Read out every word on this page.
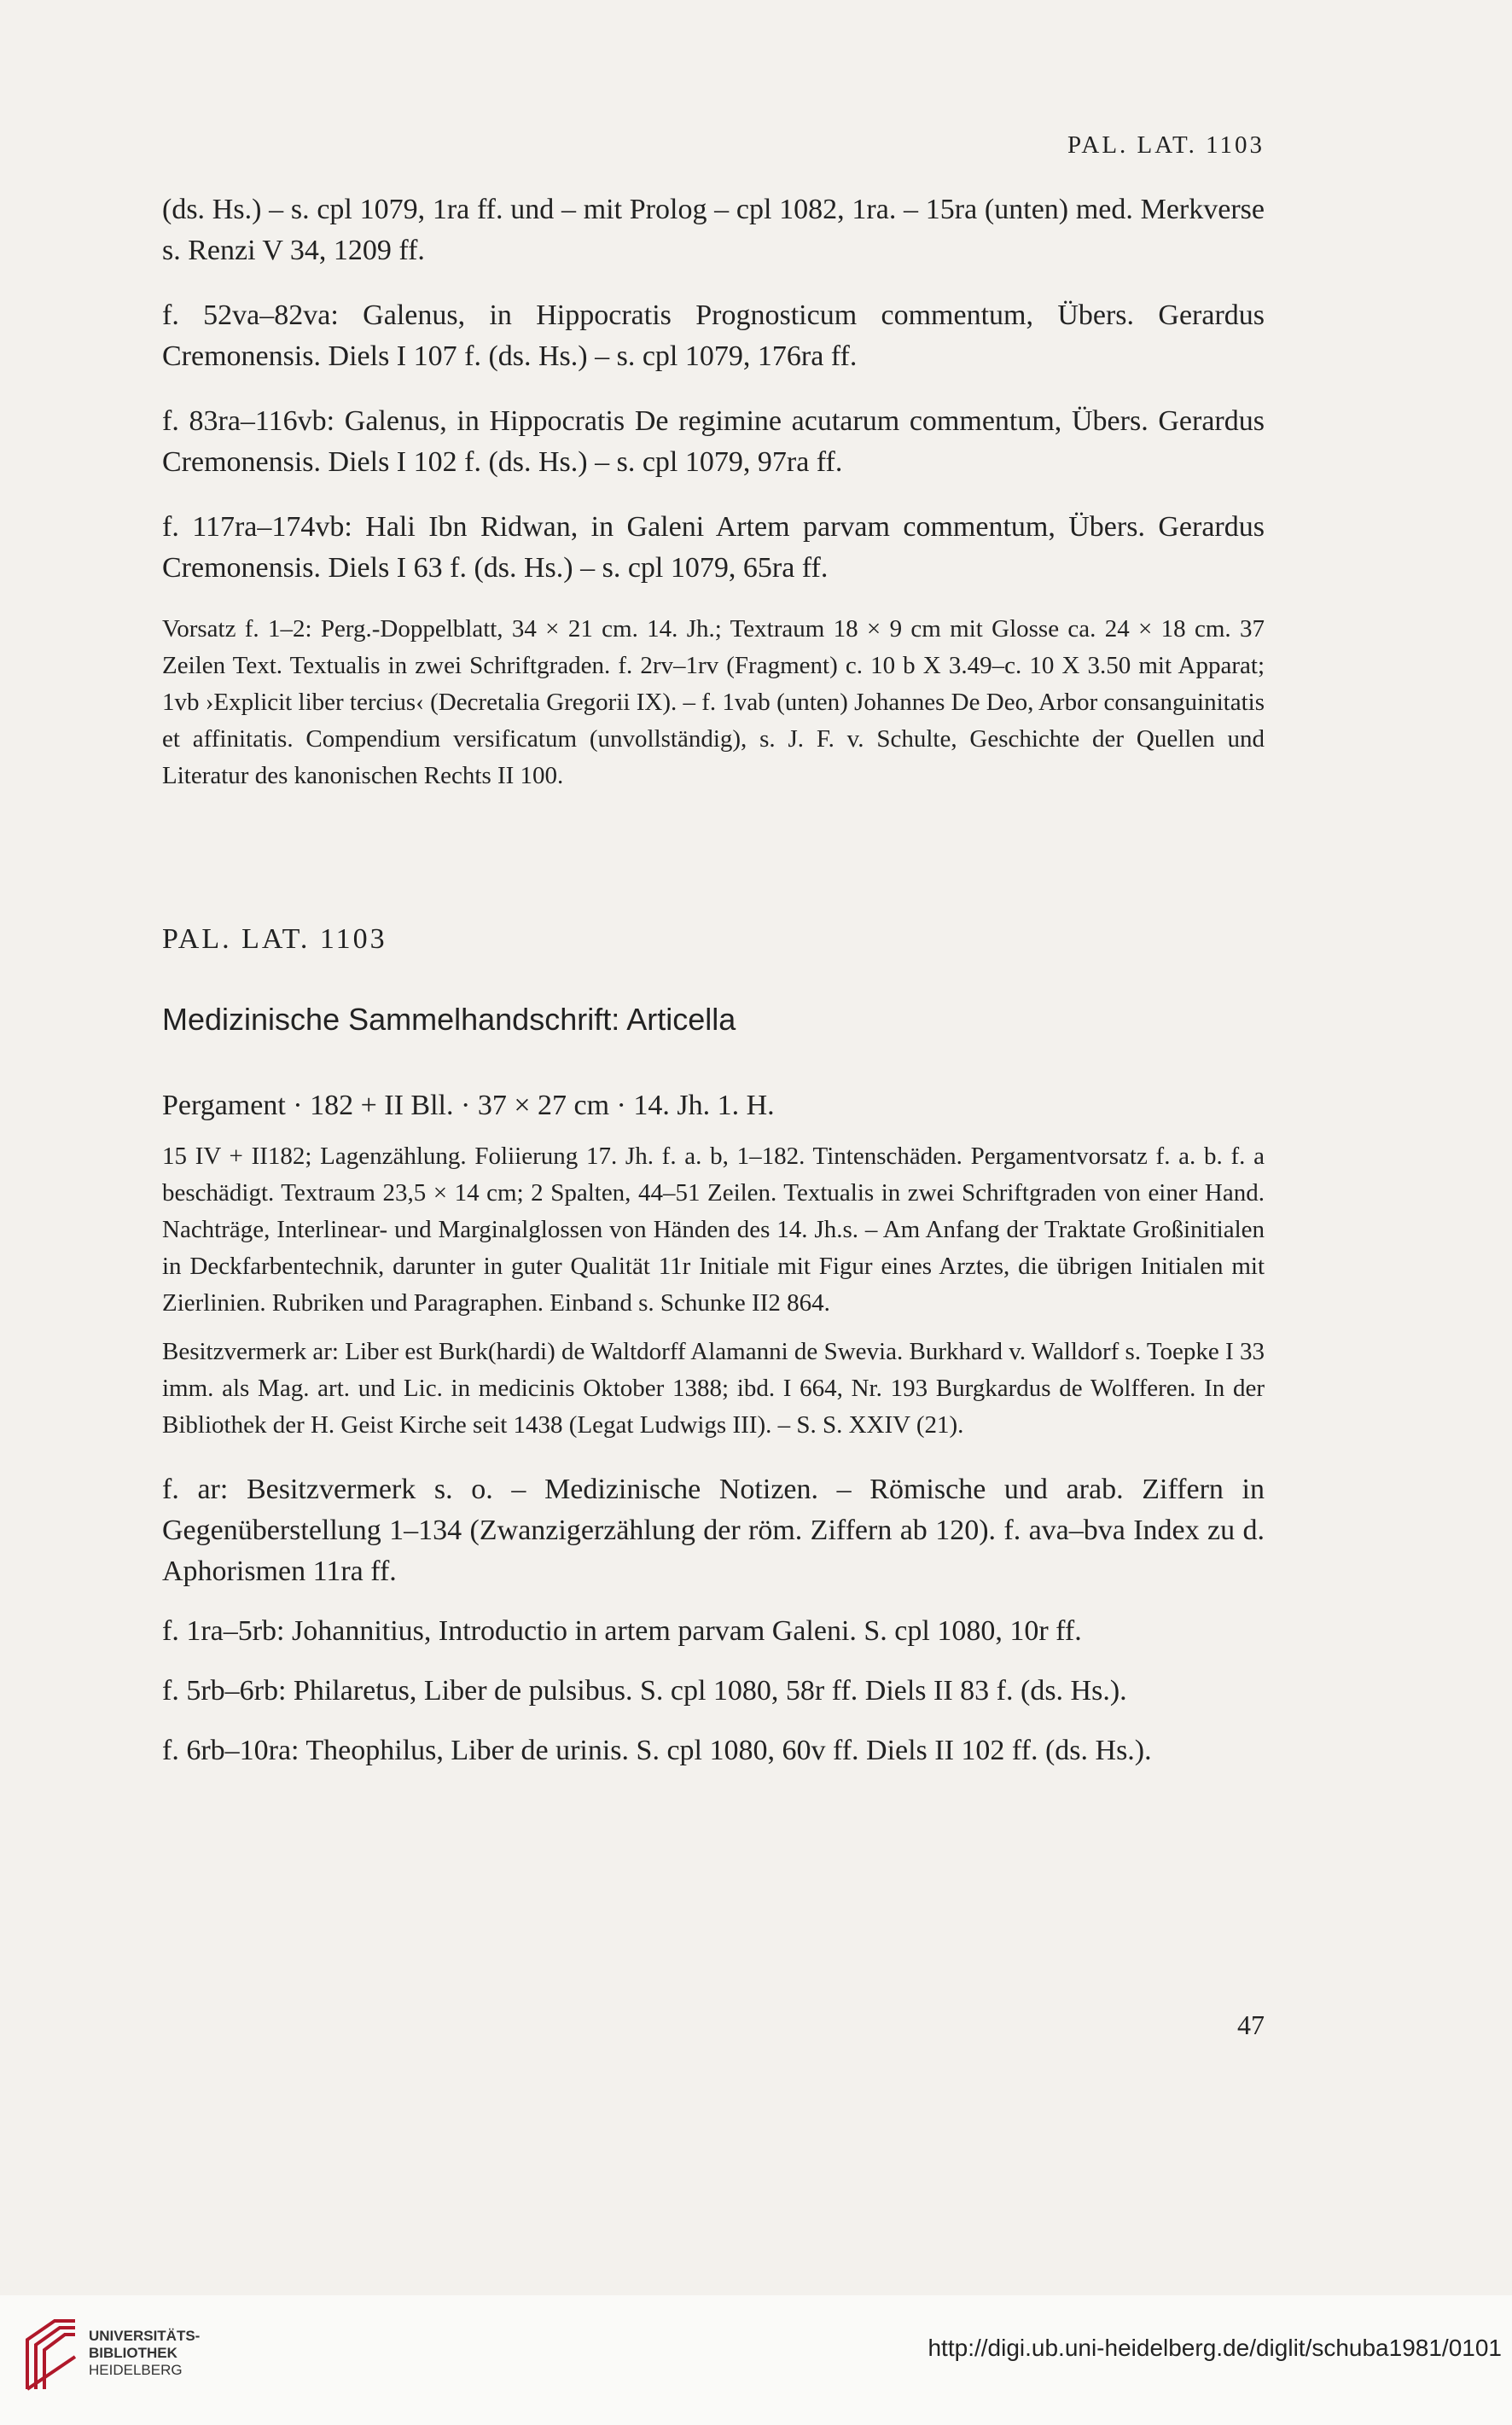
PAL. LAT. 1103

(ds. Hs.) – s. cpl 1079, 1ra ff. und – mit Prolog – cpl 1082, 1ra. – 15ra (unten) med. Merkverse s. Renzi V 34, 1209 ff.

f. 52va–82va: Galenus, in Hippocratis Prognosticum commentum, Übers. Gerardus Cremonensis. Diels I 107 f. (ds. Hs.) – s. cpl 1079, 176ra ff.

f. 83ra–116vb: Galenus, in Hippocratis De regimine acutarum commentum, Übers. Gerardus Cremonensis. Diels I 102 f. (ds. Hs.) – s. cpl 1079, 97ra ff.

f. 117ra–174vb: Hali Ibn Ridwan, in Galeni Artem parvam commentum, Übers. Gerardus Cremonensis. Diels I 63 f. (ds. Hs.) – s. cpl 1079, 65ra ff.

Vorsatz f. 1–2: Perg.-Doppelblatt, 34 × 21 cm. 14. Jh.; Textraum 18 × 9 cm mit Glosse ca. 24 × 18 cm. 37 Zeilen Text. Textualis in zwei Schriftgraden. f. 2rv–1rv (Fragment) c. 10 b X 3.49–c. 10 X 3.50 mit Apparat; 1vb ›Explicit liber tercius‹ (Decretalia Gregorii IX). – f. 1vab (unten) Johannes De Deo, Arbor consanguinitatis et affinitatis. Compendium versificatum (unvollständig), s. J. F. v. Schulte, Geschichte der Quellen und Literatur des kanonischen Rechts II 100.

PAL. LAT. 1103
Medizinische Sammelhandschrift: Articella

Pergament · 182 + II Bll. · 37 × 27 cm · 14. Jh. 1. H.

15 IV + II182; Lagenzählung. Foliierung 17. Jh. f. a. b, 1–182. Tintenschäden. Pergamentvorsatz f. a. b. f. a beschädigt. Textraum 23,5 × 14 cm; 2 Spalten, 44–51 Zeilen. Textualis in zwei Schriftgraden von einer Hand. Nachträge, Interlinear- und Marginalglossen von Händen des 14. Jh.s. – Am Anfang der Traktate Großinitialen in Deckfarbentechnik, darunter in guter Qualität 11r Initiale mit Figur eines Arztes, die übrigen Initialen mit Zierlinien. Rubriken und Paragraphen. Einband s. Schunke II2 864.

Besitzvermerk ar: Liber est Burk(hardi) de Waltdorff Alamanni de Swevia. Burkhard v. Walldorf s. Toepke I 33 imm. als Mag. art. und Lic. in medicinis Oktober 1388; ibd. I 664, Nr. 193 Burgkardus de Wolfferen. In der Bibliothek der H. Geist Kirche seit 1438 (Legat Ludwigs III). – S. S. XXIV (21).

f. ar: Besitzvermerk s. o. – Medizinische Notizen. – Römische und arab. Ziffern in Gegenüberstellung 1–134 (Zwanzigerzählung der röm. Ziffern ab 120). f. ava–bva Index zu d. Aphorismen 11ra ff.

f. 1ra–5rb: Johannitius, Introductio in artem parvam Galeni. S. cpl 1080, 10r ff.

f. 5rb–6rb: Philaretus, Liber de pulsibus. S. cpl 1080, 58r ff. Diels II 83 f. (ds. Hs.).

f. 6rb–10ra: Theophilus, Liber de urinis. S. cpl 1080, 60v ff. Diels II 102 ff. (ds. Hs.).

47
UNIVERSITÄTS-
BIBLIOTHEK
HEIDELBERG
http://digi.ub.uni-heidelberg.de/diglit/schuba1981/0101
